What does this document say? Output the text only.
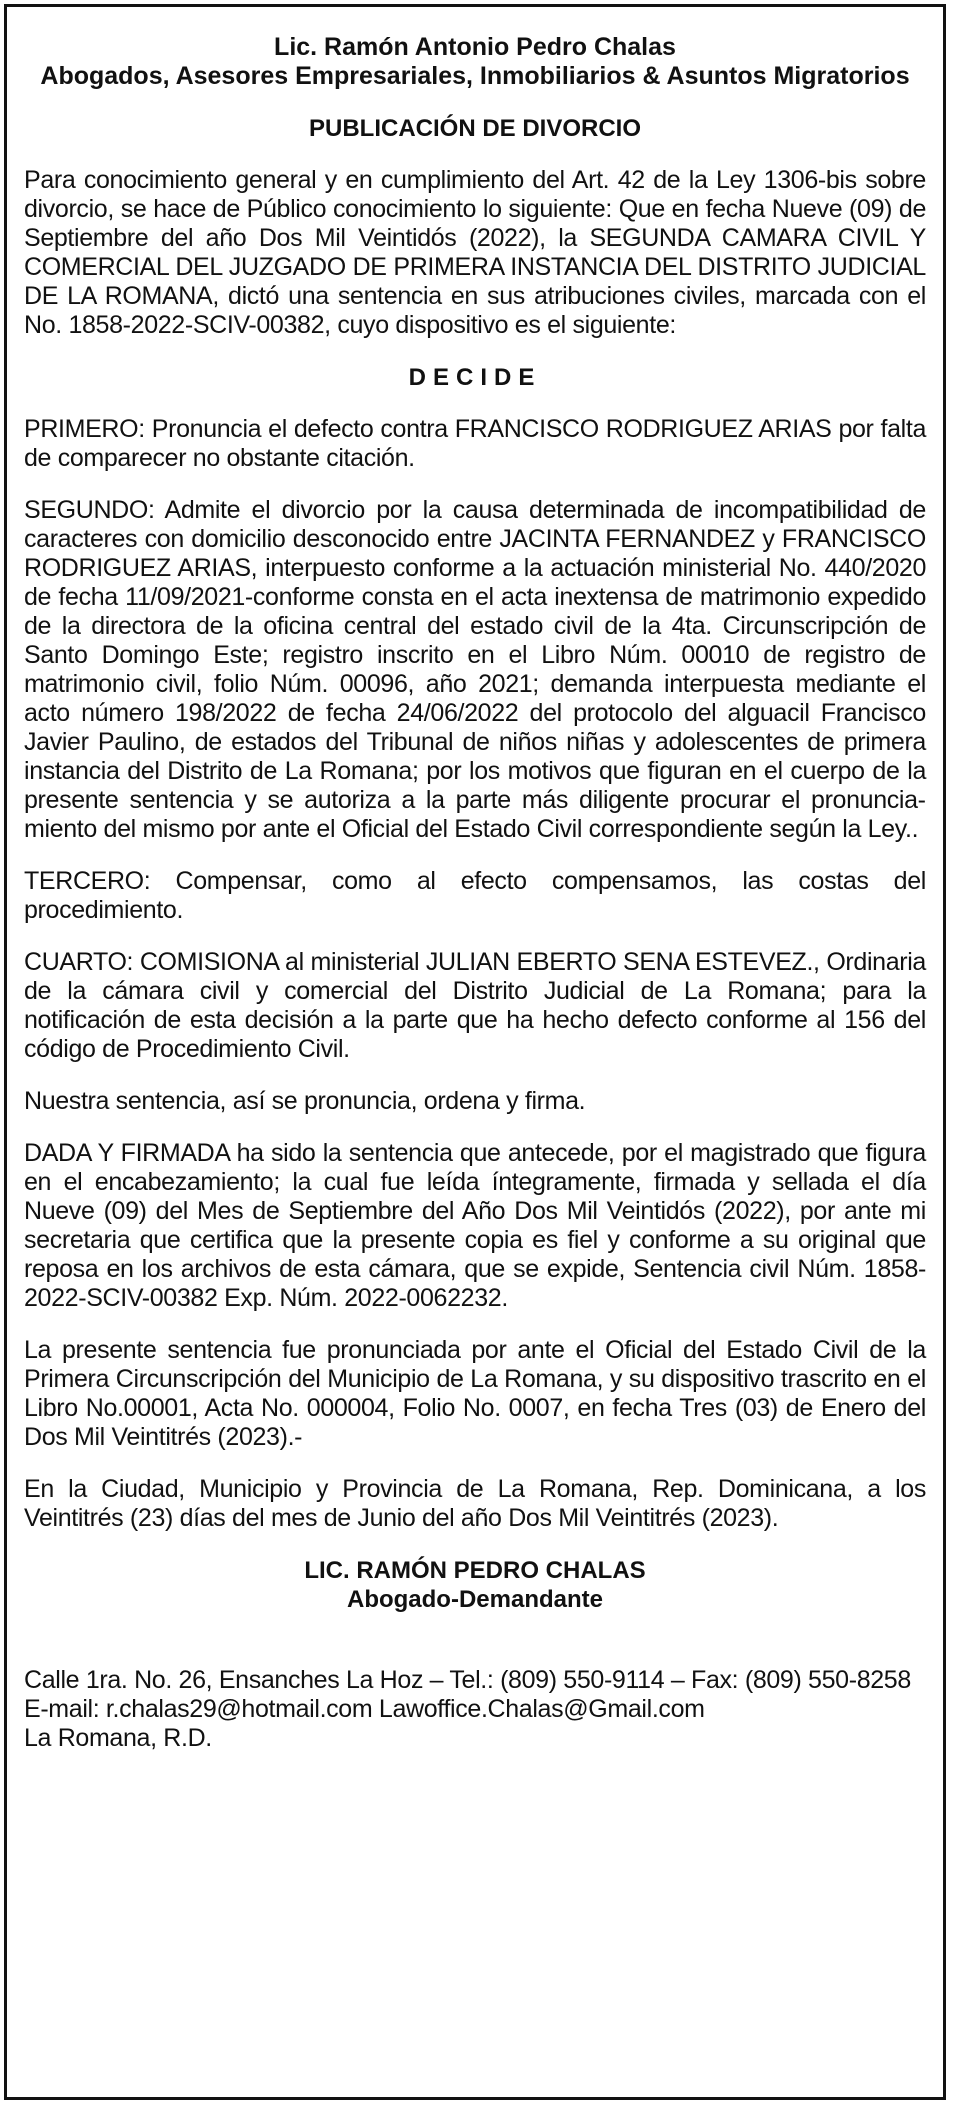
Lic. Ramón Antonio Pedro Chalas
Abogados, Asesores Empresariales, Inmobiliarios & Asuntos Migratorios
PUBLICACIÓN DE DIVORCIO

Para conocimiento general y en cumplimiento del Art. 42 de la Ley 1306-bis sobre divorcio, se hace de Público conocimiento lo siguiente: Que en fecha Nueve (09) de Septiembre del año Dos Mil Veintidós (2022), la SEGUNDA CAMARA CIVIL Y COMERCIAL DEL JUZGADO DE PRIMERA INSTANCIA DEL DISTRITO JUDICIAL DE LA ROMANA, dictó una sentencia en sus atribuciones civiles, marcada con el No. 1858-2022-SCIV-00382, cuyo dispositivo es el siguiente:

DECIDE

PRIMERO: Pronuncia el defecto contra FRANCISCO RODRIGUEZ ARIAS por falta de comparecer no obstante citación.

SEGUNDO: Admite el divorcio por la causa determinada de incompatibilidad de caracteres con domicilio desconocido entre JACINTA FERNANDEZ y FRANCISCO RODRIGUEZ ARIAS, interpuesto conforme a la actuación ministerial No. 440/2020 de fecha 11/09/2021-conforme consta en el acta inextensa de matrimonio expedido de la directora de la oficina central del estado civil de la 4ta. Circunscripción de Santo Domingo Este; registro inscrito en el Libro Núm. 00010 de registro de matrimonio civil, folio Núm. 00096, año 2021; demanda interpuesta mediante el acto número 198/2022 de fecha 24/06/2022 del protocolo del alguacil Francisco Javier Paulino, de estados del Tribunal de niños niñas y adolescentes de primera instancia del Distrito de La Romana; por los motivos que figuran en el cuerpo de la presente sentencia y se autoriza a la parte más diligente procurar el pronunciamiento del mismo por ante el Oficial del Estado Civil correspondiente según la Ley..

TERCERO: Compensar, como al efecto compensamos, las costas del procedimiento.

CUARTO: COMISIONA al ministerial JULIAN EBERTO SENA ESTEVEZ., Ordinaria de la cámara civil y comercial del Distrito Judicial de La Romana; para la notificación de esta decisión a la parte que ha hecho defecto conforme al 156 del código de Procedimiento Civil.

Nuestra sentencia, así se pronuncia, ordena y firma.

DADA Y FIRMADA ha sido la sentencia que antecede, por el magistrado que figura en el encabezamiento; la cual fue leída íntegramente, firmada y sellada el día Nueve (09) del Mes de Septiembre del Año Dos Mil Veintidós (2022), por ante mi secretaria que certifica que la presente copia es fiel y conforme a su original que reposa en los archivos de esta cámara, que se expide, Sentencia civil Núm. 1858-2022-SCIV-00382 Exp. Núm. 2022-0062232.

La presente sentencia fue pronunciada por ante el Oficial del Estado Civil de la Primera Circunscripción del Municipio de La Romana, y su dispositivo trascrito en el Libro No.00001, Acta No. 000004, Folio No. 0007, en fecha Tres (03) de Enero del Dos Mil Veintitrés (2023).-

En la Ciudad, Municipio y Provincia de La Romana, Rep. Dominicana, a los Veintitrés (23) días del mes de Junio del año Dos Mil Veintitrés (2023).

LIC. RAMÓN PEDRO CHALAS
Abogado-Demandante
Calle 1ra. No. 26, Ensanches La Hoz – Tel.: (809) 550-9114 – Fax: (809) 550-8258
E-mail: r.chalas29@hotmail.com Lawoffice.Chalas@Gmail.com
La Romana, R.D.
